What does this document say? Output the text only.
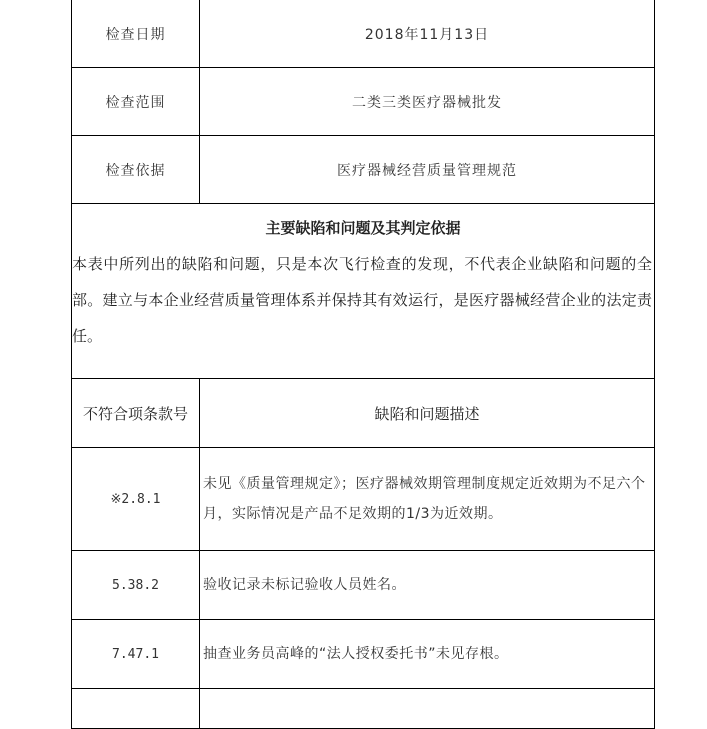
检查日期	2018年11月13日
检查范围	二类三类医疗器械批发
检查依据	医疗器械经营质量管理规范

主要缺陷和问题及其判定依据
本表中所列出的缺陷和问题，只是本次飞行检查的发现，不代表企业缺陷和问题的全部。建立与本企业经营质量管理体系并保持其有效运行，是医疗器械经营企业的法定责任。	

不符合项条款号	缺陷和问题描述
※2.8.1	未见《质量管理规定》；医疗器械效期管理制度规定近效期为不足六个月，实际情况是产品不足效期的1/3为近效期。
5.38.2	验收记录未标记验收人员姓名。
7.47.1	抽查业务员高峰的“法人授权委托书”未见存根。
